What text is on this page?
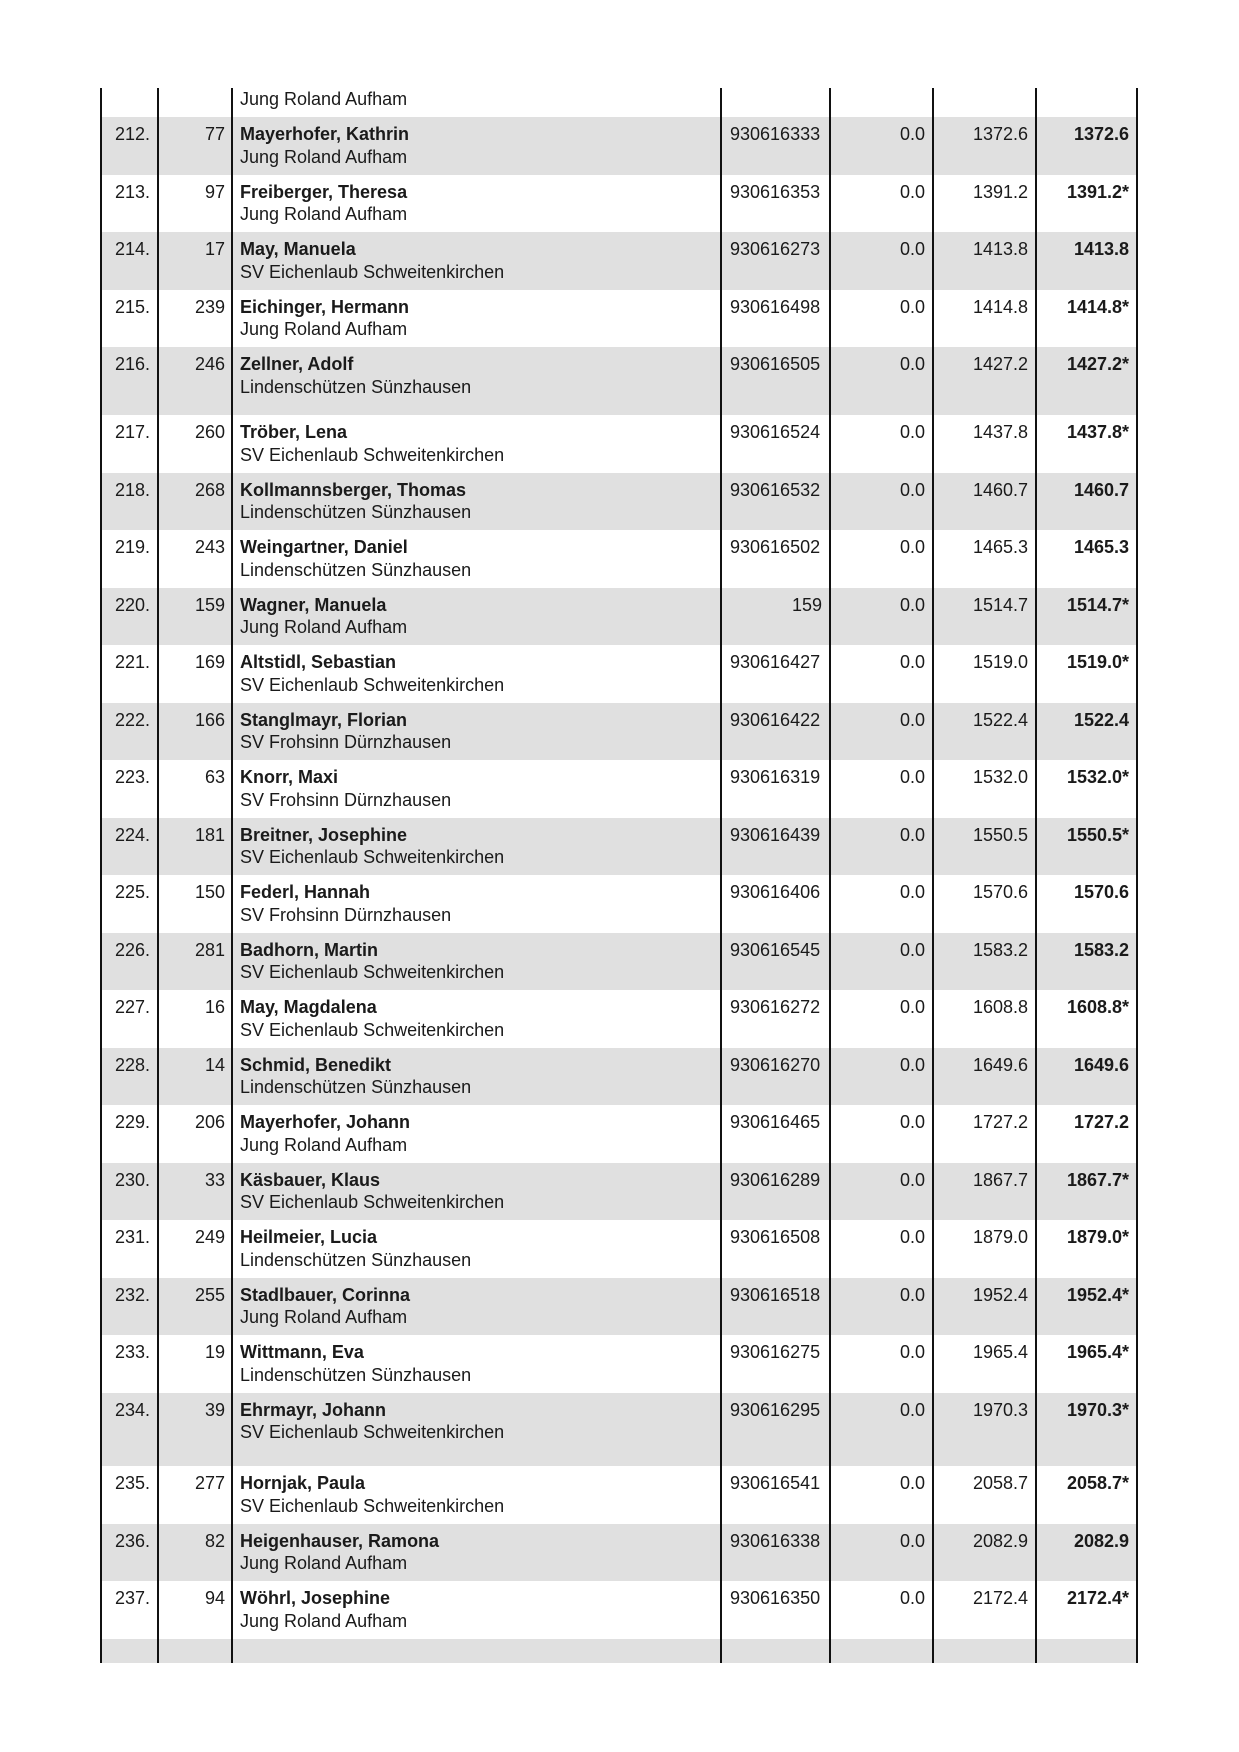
Jung Roland Aufham
212.	77 Mayerhofer, Kathrin
Jung Roland Aufham
930616333	0.0	1372.6	1372.6
213.	97 Freiberger, Theresa
Jung Roland Aufham
930616353	0.0	1391.2	1391.2*
214.	17 May, Manuela
SV Eichenlaub Schweitenkirchen
930616273	0.0	1413.8	1413.8
215.	239 Eichinger, Hermann
Jung Roland Aufham
930616498	0.0	1414.8	1414.8*
216.	246 Zellner, Adolf
Lindenschützen Sünzhausen
930616505	0.0	1427.2	1427.2*
217.	260 Tröber, Lena
SV Eichenlaub Schweitenkirchen
930616524	0.0	1437.8	1437.8*
218.	268 Kollmannsberger, Thomas
Lindenschützen Sünzhausen
930616532	0.0	1460.7	1460.7
219.	243 Weingartner, Daniel
Lindenschützen Sünzhausen
930616502	0.0	1465.3	1465.3
220.	159 Wagner, Manuela
Jung Roland Aufham
159	0.0	1514.7	1514.7*
221.	169 Altstidl, Sebastian
SV Eichenlaub Schweitenkirchen
930616427	0.0	1519.0	1519.0*
222.	166 Stanglmayr, Florian
SV Frohsinn Dürnzhausen
930616422	0.0	1522.4	1522.4
223.	63 Knorr, Maxi
SV Frohsinn Dürnzhausen
930616319	0.0	1532.0	1532.0*
224.	181 Breitner, Josephine
SV Eichenlaub Schweitenkirchen
930616439	0.0	1550.5	1550.5*
225.	150 Federl, Hannah
SV Frohsinn Dürnzhausen
930616406	0.0	1570.6	1570.6
226.	281 Badhorn, Martin
SV Eichenlaub Schweitenkirchen
930616545	0.0	1583.2	1583.2
227.	16 May, Magdalena
SV Eichenlaub Schweitenkirchen
930616272	0.0	1608.8	1608.8*
228.	14 Schmid, Benedikt
Lindenschützen Sünzhausen
930616270	0.0	1649.6	1649.6
229.	206 Mayerhofer, Johann
Jung Roland Aufham
930616465	0.0	1727.2	1727.2
230.	33 Käsbauer, Klaus
SV Eichenlaub Schweitenkirchen
930616289	0.0	1867.7	1867.7*
231.	249 Heilmeier, Lucia
Lindenschützen Sünzhausen
930616508	0.0	1879.0	1879.0*
232.	255 Stadlbauer, Corinna
Jung Roland Aufham
930616518	0.0	1952.4	1952.4*
233.	19 Wittmann, Eva
Lindenschützen Sünzhausen
930616275	0.0	1965.4	1965.4*
234.	39 Ehrmayr, Johann
SV Eichenlaub Schweitenkirchen
930616295	0.0	1970.3	1970.3*
235.	277 Hornjak, Paula
SV Eichenlaub Schweitenkirchen
930616541	0.0	2058.7	2058.7*
236.	82 Heigenhauser, Ramona
Jung Roland Aufham
930616338	0.0	2082.9	2082.9
237.	94 Wöhrl, Josephine
Jung Roland Aufham
930616350	0.0	2172.4	2172.4*
